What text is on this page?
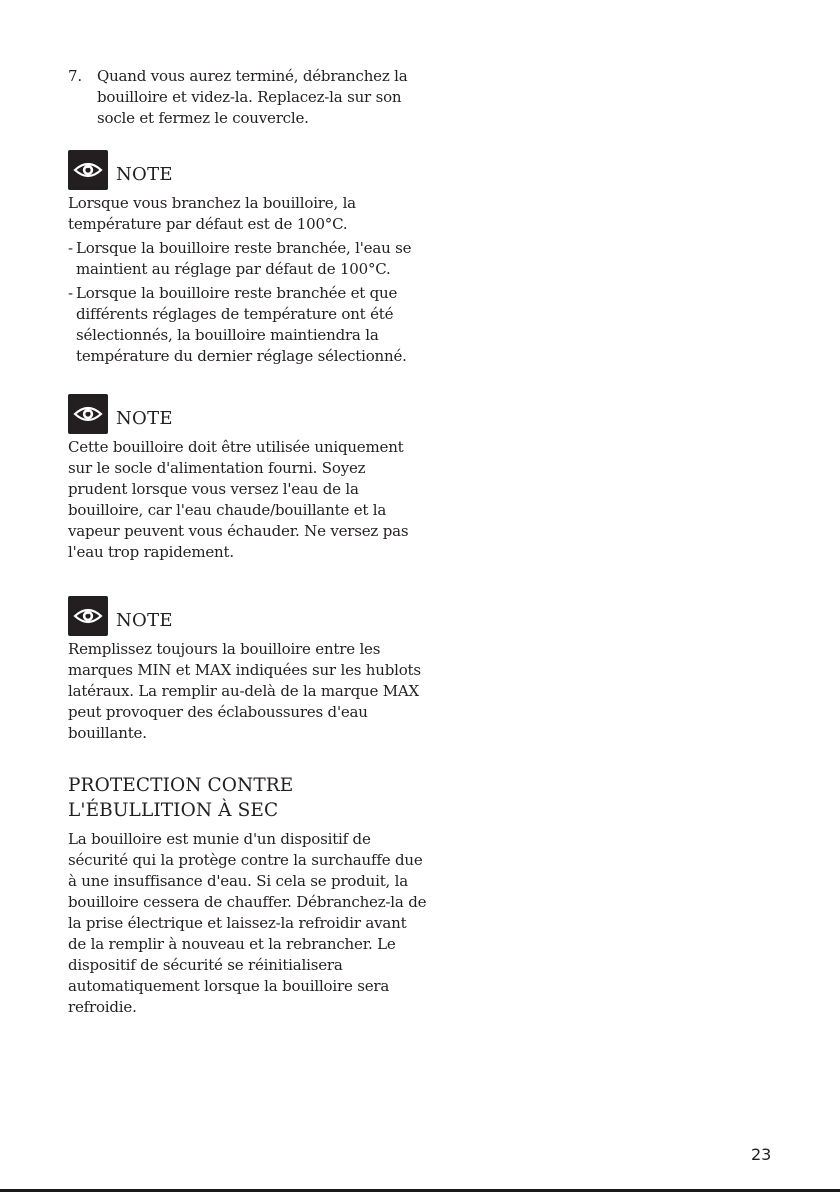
7.	Quand vous aurez terminé, débranchez la bouilloire et videz-la. Replacez-la sur son socle et fermez le couvercle.
NOTE

Lorsque vous branchez la bouilloire, la température par défaut est de 100°C.

- Lorsque la bouilloire reste branchée, l'eau se maintient au réglage par défaut de 100°C.
- Lorsque la bouilloire reste branchée et que différents réglages de température ont été sélectionnés, la bouilloire maintiendra la température du dernier réglage sélectionné.
NOTE

Cette bouilloire doit être utilisée uniquement sur le socle d'alimentation fourni. Soyez prudent lorsque vous versez l'eau de la bouilloire, car l'eau chaude/bouillante et la vapeur peuvent vous échauder. Ne versez pas l'eau trop rapidement.

NOTE

Remplissez toujours la bouilloire entre les marques MIN et MAX indiquées sur les hublots latéraux. La remplir au-delà de la marque MAX peut provoquer des éclaboussures d'eau bouillante.

PROTECTION CONTRE L'ÉBULLITION À SEC

La bouilloire est munie d'un dispositif de sécurité qui la protège contre la surchauffe due à une insuffisance d'eau. Si cela se produit, la bouilloire cessera de chauffer. Débranchez-la de la prise électrique et laissez-la refroidir avant de la remplir à nouveau et la rebrancher. Le dispositif de sécurité se réinitialisera automatiquement lorsque la bouilloire sera refroidie.

23
